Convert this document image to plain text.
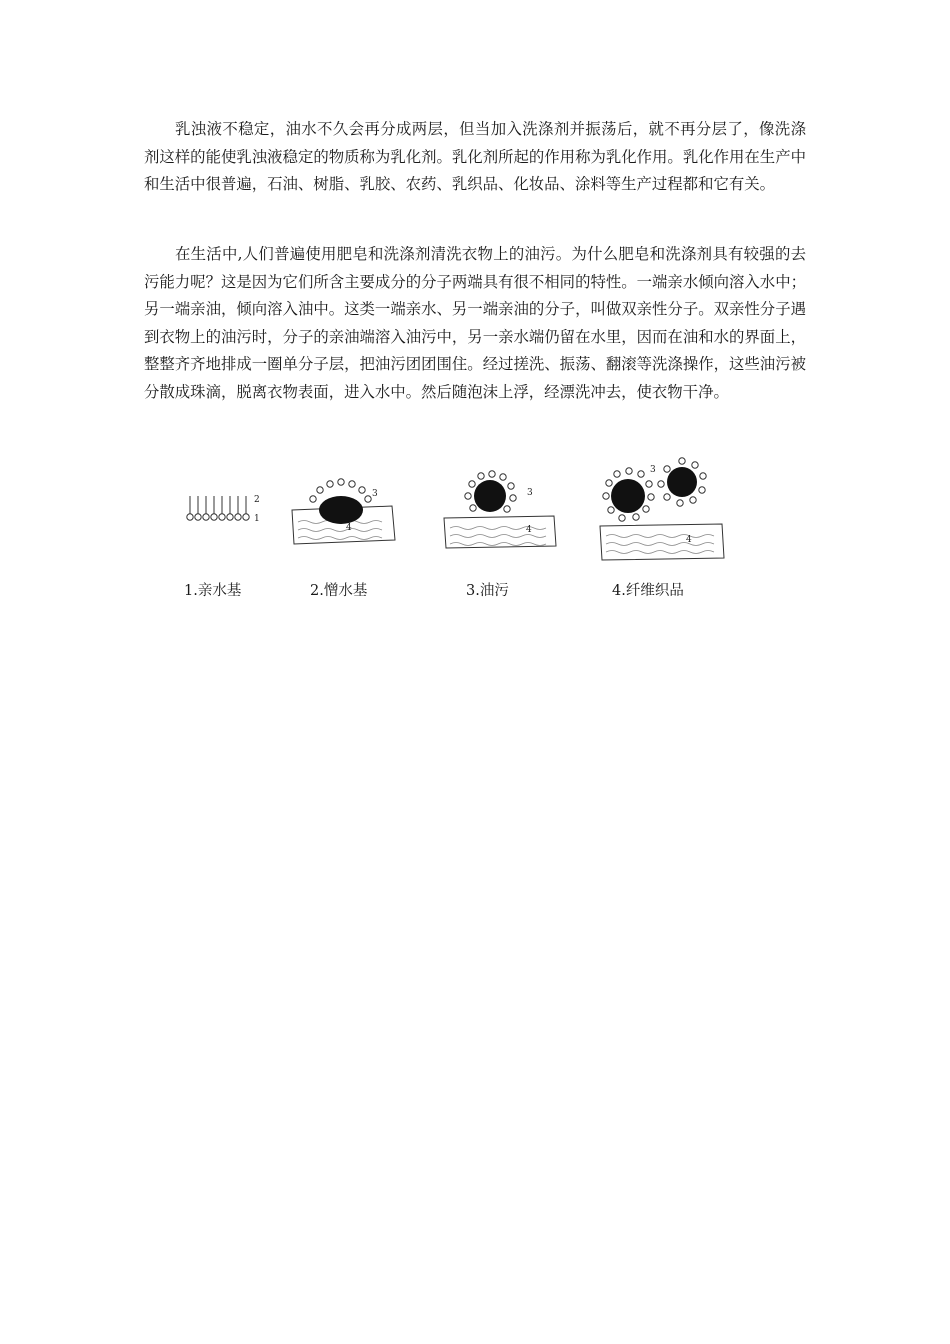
乳浊液不稳定，油水不久会再分成两层，但当加入洗涤剂并振荡后，就不再分层了，像洗涤剂这样的能使乳浊液稳定的物质称为乳化剂。乳化剂所起的作用称为乳化作用。乳化作用在生产中和生活中很普遍，石油、树脂、乳胶、农药、乳织品、化妆品、涂料等生产过程都和它有关。

在生活中,人们普遍使用肥皂和洗涤剂清洗衣物上的油污。为什么肥皂和洗涤剂具有较强的去污能力呢？这是因为它们所含主要成分的分子两端具有很不相同的特性。一端亲水倾向溶入水中；另一端亲油，倾向溶入油中。这类一端亲水、另一端亲油的分子，叫做双亲性分子。双亲性分子遇到衣物上的油污时，分子的亲油端溶入油污中，另一亲水端仍留在水里，因而在油和水的界面上，整整齐齐地排成一圈单分子层，把油污团团围住。经过搓洗、振荡、翻滚等洗涤操作，这些油污被分散成珠滴，脱离衣物表面，进入水中。然后随泡沫上浮，经漂洗冲去，使衣物干净。

2
1
3
4
3
4
3
4
1.亲水基	2.憎水基	3.油污	4.纤维织品
